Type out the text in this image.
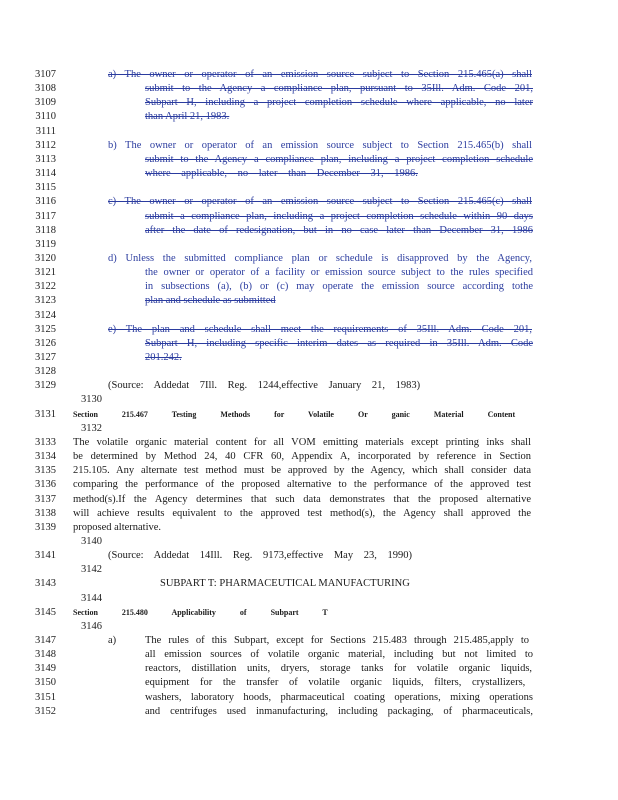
3107	a) The owner or operator of an emission source subject to Section 215.465(a) shall
3108	submit to the Agency a compliance plan, pursuant to 35Ill. Adm. Code 201,
3109	Subpart H, including a project completion schedule where applicable, no later
3110	than April 21, 1983.
3111
3112	b) The owner or operator of an emission source subject to Section 215.465(b) shall
3113	submit to the Agency a compliance plan, including a project completion schedule
3114	where applicable, no later than December 31, 1986.
3115
3116	c) The owner or operator of an emission source subject to Section 215.465(c) shall
3117	submit a compliance plan, including a project completion schedule within 90 days
3118	after the date of redesignation, but in no case later than December 31, 1986
3119
3120	d) Unless the submitted compliance plan or schedule is disapproved by the Agency,
3121	the owner or operator of a facility or emission source subject to the rules specified
3122	in subsections (a), (b) or (c) may operate the emission source according tothe
3123	plan and schedule as submitted
3124
3125	e) The plan and schedule shall meet the requirements of 35Ill. Adm. Code 201,
3126	Subpart H, including specific interim dates as required in 35Ill. Adm. Code
3127	201.242.
3128
3129	(Source: Addedat 7Ill. Reg. 1244,effective January 21, 1983)
3130
3131 Section 215.467 Testing Methods for Volatile Or ganic Material Content
3132
3133 The volatile organic material content for all VOM emitting materials except printing inks shall
3134 be determined by Method 24, 40 CFR 60, Appendix A, incorporated by reference in Section
3135 215.105. Any alternate test method must be approved by the Agency, which shall consider data
3136 comparing the performance of the proposed alternative to the performance of the approved test
3137 method(s).If the Agency determines that such data demonstrates that the proposed alternative
3138 will achieve results equivalent to the approved test method(s), the Agency shall approved the
3139 proposed alternative.
3140
3141	(Source: Addedat 14Ill. Reg. 9173,effective May 23, 1990)
3142
3143	SUBPART T: PHARMACEUTICAL MANUFACTURING
3144
3145 Section 215.480 Applicability of Subpart T
3146
3147	a)	The rules of this Subpart, except for Sections 215.483 through 215.485,apply to
3148	all emission sources of volatile organic material, including but not limited to
3149	reactors, distillation units, dryers, storage tanks for volatile organic liquids,
3150	equipment for the transfer of volatile organic liquids, filters, crystallizers,
3151	washers, laboratory hoods, pharmaceutical coating operations, mixing operations
3152	and centrifuges used inmanufacturing, including packaging, of pharmaceuticals,
